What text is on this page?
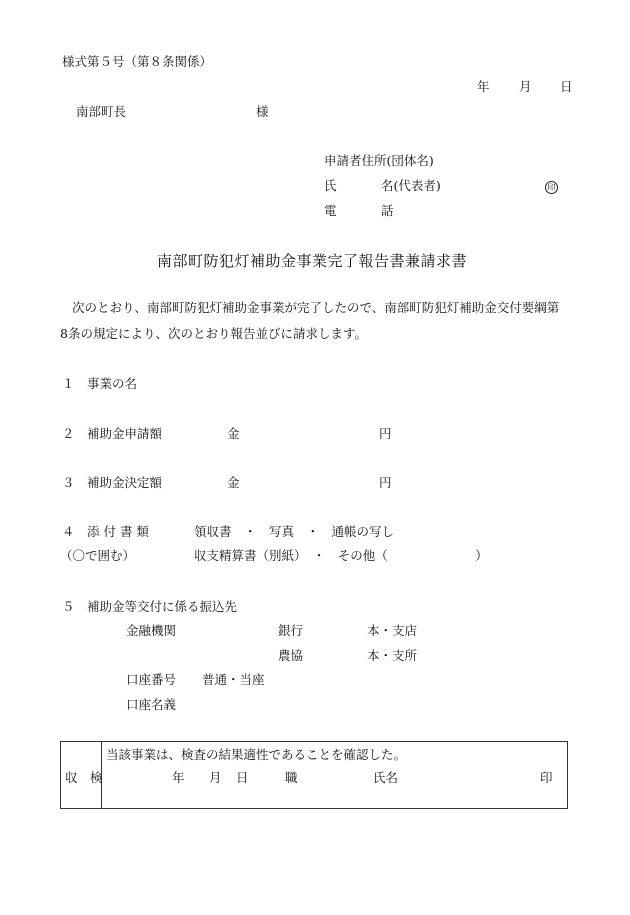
様式第５号（第８条関係）
年 月 日
南部町長	様
申請者住所(団体名)
氏	名(代表者)	印
電	話
南部町防犯灯補助金事業完了報告書兼請求書
次のとおり、南部町防犯灯補助金事業が完了したので、南部町防犯灯補助金交付要綱第
8条の規定により、次のとおり報告並びに請求します。
１ 事業の名
２ 補助金申請額	金	円
３ 補助金決定額	金	円
４ 添 付 書 類	領収書　・　写真　・　通帳の写し
（〇で囲む）	収支精算書（別紙）　・　その他（　　　　　　　）
５ 補助金等交付に係る振込先
金融機関	銀行	本・支店
農協	本・支所
口座番号 普通・当座
口座名義
収　検
当該事業は、検査の結果適性であることを確認した。
年 月 日	職	氏名	印
